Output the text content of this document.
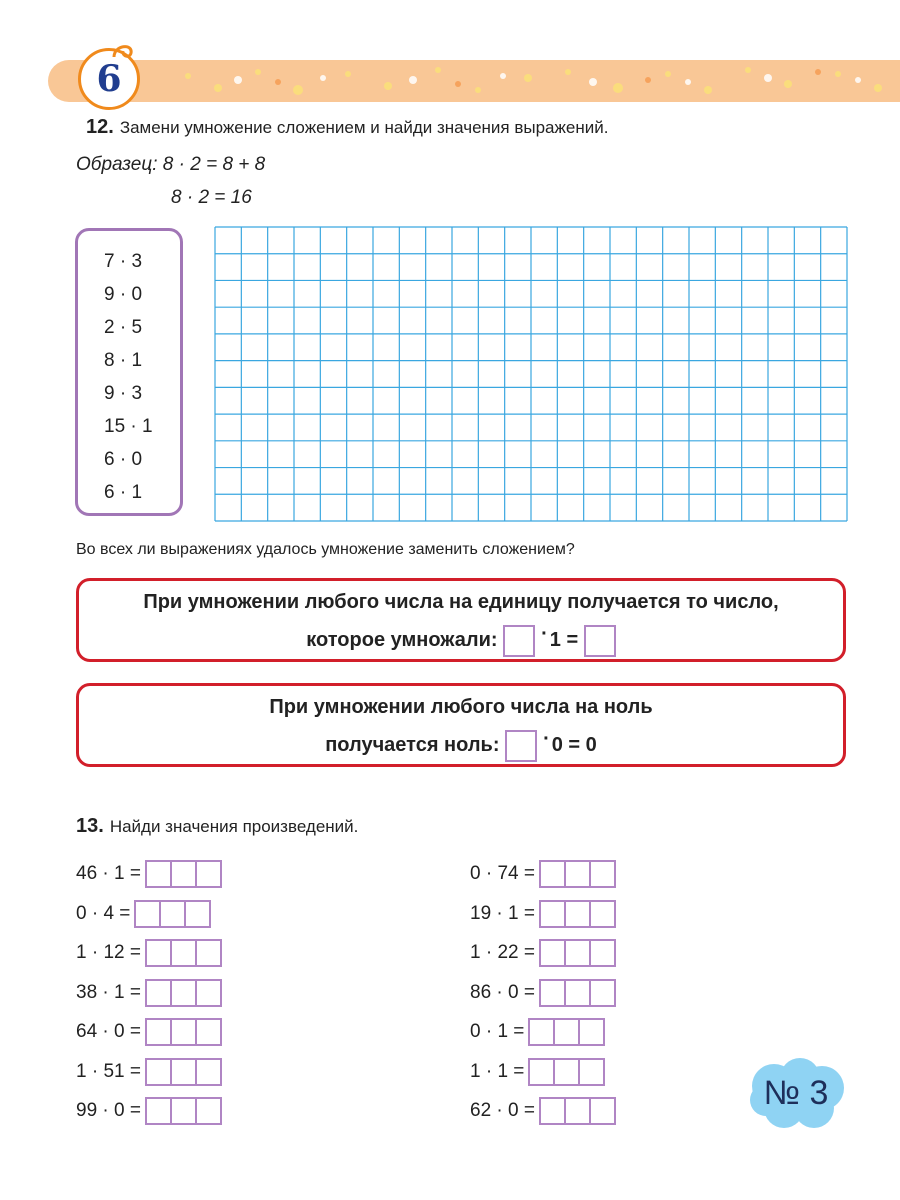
6
12. Замени умножение сложением и найди значения выражений.
Образец: 8 · 2 = 8 + 8
8 · 2 = 16
7 · 3
9 · 0
2 · 5
8 · 1
9 · 3
15 · 1
6 · 0
6 · 1
Во всех ли выражениях удалось умножение заменить сложением?
При умножении любого числа на единицу получается то число,
которое умножали: · 1 =
При умножении любого числа на ноль
получается ноль: · 0 = 0
13. Найди значения произведений.
46 · 1 =
0 · 4 =
1 · 12 =
38 · 1 =
64 · 0 =
1 · 51 =
99 · 0 =
0 · 74 =
19 · 1 =
1 · 22 =
86 · 0 =
0 · 1 =
1 · 1 =
62 · 0 =	№ 3
